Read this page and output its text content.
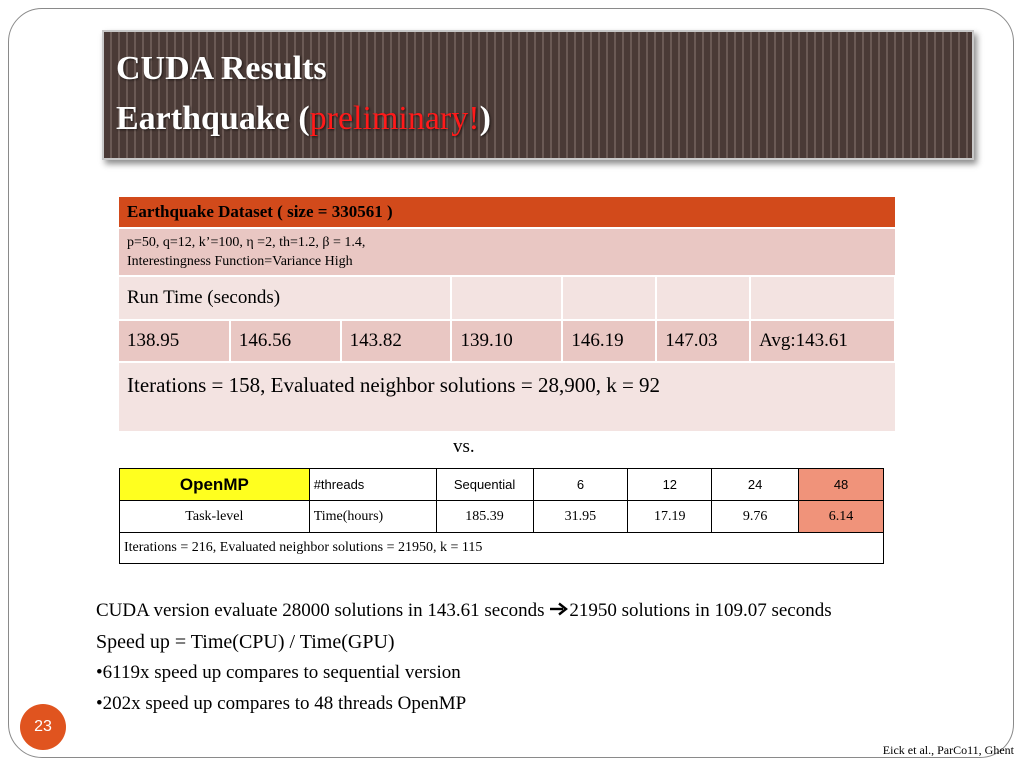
CUDA Results
Earthquake (preliminary!)
Earthquake Dataset ( size = 330561 )						

p=50, q=12, k’=100, η =2, th=1.2, β = 1.4,
Interestingness Function=Variance High						

Run Time (seconds)						
138.95	146.56	143.82	139.10	146.19	147.03	Avg:143.61
Iterations = 158, Evaluated neighbor solutions = 28,900, k = 92						
vs.
OpenMP	#threads	Sequential	6	12	24	48
Task-level	Time(hours)	185.39	31.95	17.19	9.76	6.14
Iterations = 216, Evaluated neighbor solutions = 21950, k = 115						
CUDA version evaluate 28000 solutions in 143.61 seconds 21950 solutions in 109.07 seconds
Speed up = Time(CPU) / Time(GPU)
•6119x speed up compares to sequential version
•202x speed up compares to 48 threads OpenMP
23
Eick et al., ParCo11, Ghent
